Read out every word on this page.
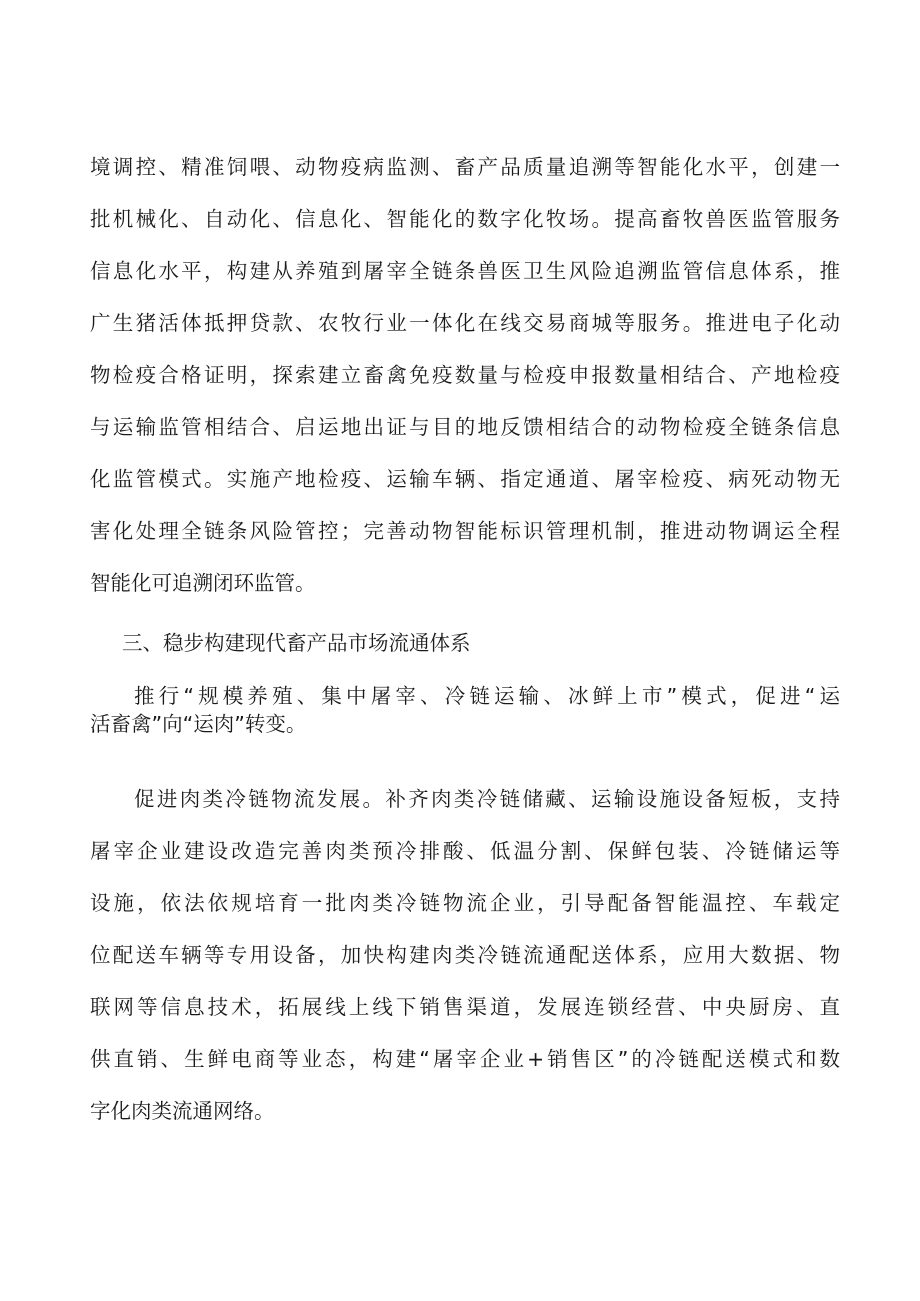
境调控、精准饲喂、动物疫病监测、畜产品质量追溯等智能化水平，创建一
批机械化、自动化、信息化、智能化的数字化牧场。提高畜牧兽医监管服务
信息化水平，构建从养殖到屠宰全链条兽医卫生风险追溯监管信息体系，推
广生猪活体抵押贷款、农牧行业一体化在线交易商城等服务。推进电子化动
物检疫合格证明，探索建立畜禽免疫数量与检疫申报数量相结合、产地检疫
与运输监管相结合、启运地出证与目的地反馈相结合的动物检疫全链条信息
化监管模式。实施产地检疫、运输车辆、指定通道、屠宰检疫、病死动物无
害化处理全链条风险管控；完善动物智能标识管理机制，推进动物调运全程
智能化可追溯闭环监管。
三、稳步构建现代畜产品市场流通体系
推行“规模养殖、集中屠宰、冷链运输、冰鲜上市”模式，促进“运
活畜禽”向“运肉”转变。
促进肉类冷链物流发展。补齐肉类冷链储藏、运输设施设备短板，支持
屠宰企业建设改造完善肉类预冷排酸、低温分割、保鲜包装、冷链储运等
设施，依法依规培育一批肉类冷链物流企业，引导配备智能温控、车载定
位配送车辆等专用设备，加快构建肉类冷链流通配送体系，应用大数据、物
联网等信息技术，拓展线上线下销售渠道，发展连锁经营、中央厨房、直
供直销、生鲜电商等业态，构建“屠宰企业+销售区”的冷链配送模式和数
字化肉类流通网络。
